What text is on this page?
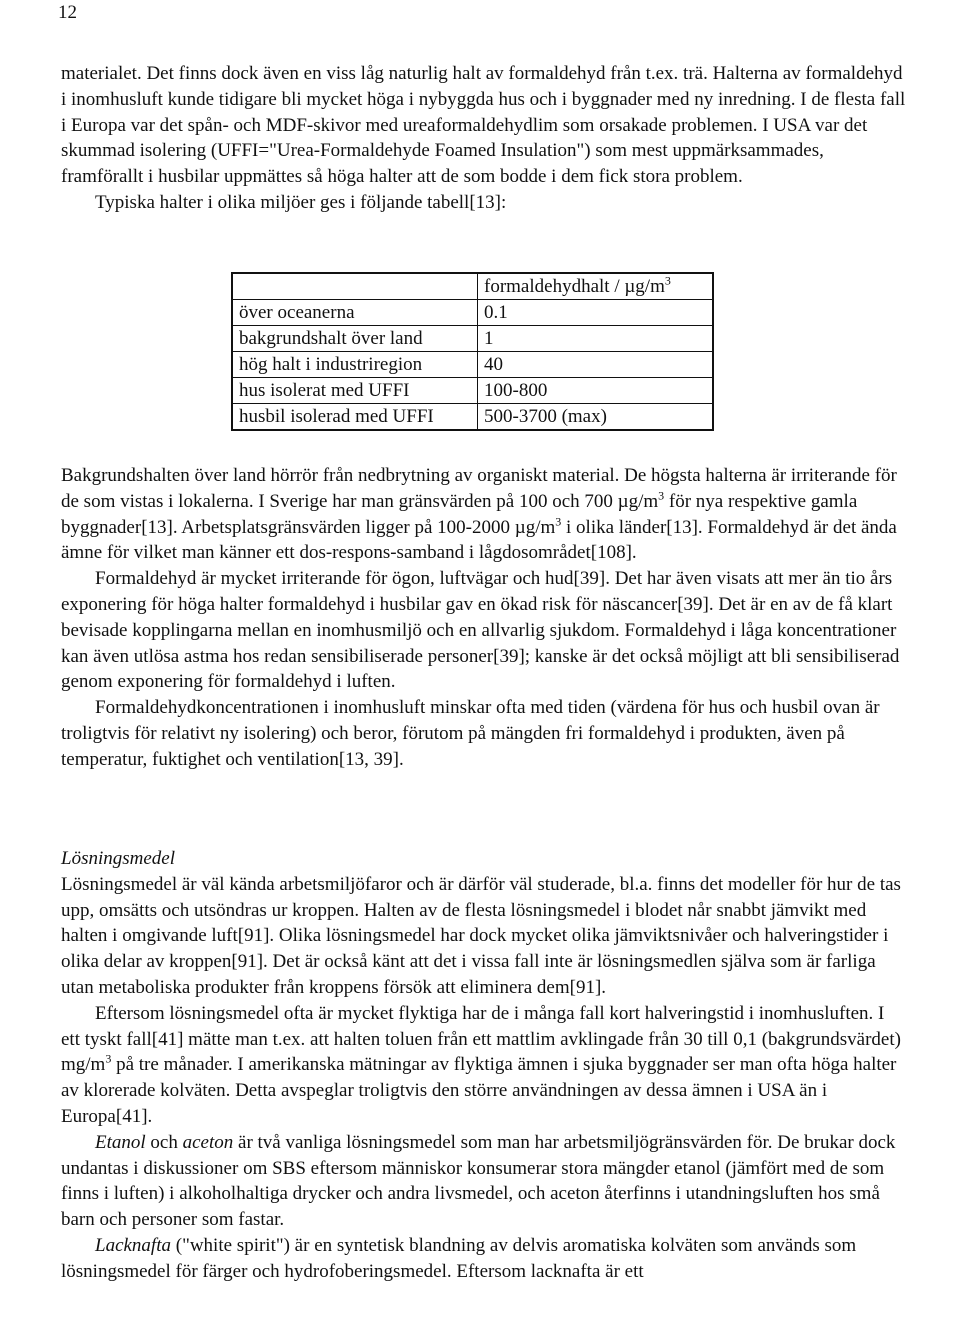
12

materialet. Det finns dock även en viss låg naturlig halt av formaldehyd från t.ex. trä. Halterna av formaldehyd i inomhusluft kunde tidigare bli mycket höga i nybyggda hus och i byggnader med ny inredning. I de flesta fall i Europa var det spån- och MDF-skivor med ureaformaldehydlim som orsakade problemen. I USA var det skummad isolering (UFFI="Urea-Formaldehyde Foamed Insulation") som mest uppmärksammades, framförallt i husbilar uppmättes så höga halter att de som bodde i dem fick stora problem.

Typiska halter i olika miljöer ges i följande tabell[13]:

	formaldehydhalt / $\mu g/m^3$
över oceanerna	0.1
bakgrundshalt över land	1
hög halt i industriregion	40
hus isolerat med UFFI	100-800
husbil isolerad med UFFI	500-3700 (max)

Bakgrundshalten över land hörrör från nedbrytning av organiskt material. De högsta halterna är irriterande för de som vistas i lokalerna. I Sverige har man gränsvärden på 100 och 700 $\mu g/m^3$ för nya respektive gamla byggnader[13]. Arbetsplatsgränsvärden ligger på 100-2000 $\mu g/m^3$ i olika länder[13]. Formaldehyd är det ända ämne för vilket man känner ett dos-respons-samband i lågdosområdet[108].

Formaldehyd är mycket irriterande för ögon, luftvägar och hud[39]. Det har även visats att mer än tio års exponering för höga halter formaldehyd i husbilar gav en ökad risk för näscancer[39]. Det är en av de få klart bevisade kopplingarna mellan en inomhusmiljö och en allvarlig sjukdom. Formaldehyd i låga koncentrationer kan även utlösa astma hos redan sensibiliserade personer[39]; kanske är det också möjligt att bli sensibiliserad genom exponering för formaldehyd i luften.

Formaldehydkoncentrationen i inomhusluft minskar ofta med tiden (värdena för hus och husbil ovan är troligtvis för relativt ny isolering) och beror, förutom på mängden fri formaldehyd i produkten, även på temperatur, fuktighet och ventilation[13, 39].

Lösningsmedel

Lösningsmedel är väl kända arbetsmiljöfaror och är därför väl studerade, bl.a. finns det modeller för hur de tas upp, omsätts och utsöndras ur kroppen. Halten av de flesta lösningsmedel i blodet når snabbt jämvikt med halten i omgivande luft[91]. Olika lösningsmedel har dock mycket olika jämviktsnivåer och halveringstider i olika delar av kroppen[91]. Det är också känt att det i vissa fall inte är lösningsmedlen själva som är farliga utan metaboliska produkter från kroppens försök att eliminera dem[91].

Eftersom lösningsmedel ofta är mycket flyktiga har de i många fall kort halveringstid i inomhusluften. I ett tyskt fall[41] mätte man t.ex. att halten toluen från ett mattlim avklingade från 30 till 0,1 (bakgrundsvärdet) $mg/m^3$ på tre månader. I amerikanska mätningar av flyktiga ämnen i sjuka byggnader ser man ofta höga halter av klorerade kolväten. Detta avspeglar troligtvis den större användningen av dessa ämnen i USA än i Europa[41].

Etanol och aceton är två vanliga lösningsmedel som man har arbetsmiljögränsvärden för. De brukar dock undantas i diskussioner om SBS eftersom människor konsumerar stora mängder etanol (jämfört med de som finns i luften) i alkoholhaltiga drycker och andra livsmedel, och aceton återfinns i utandningsluften hos små barn och personer som fastar.

Lacknafta ("white spirit") är en syntetisk blandning av delvis aromatiska kolväten som används som lösningsmedel för färger och hydrofoberingsmedel. Eftersom lacknafta är ett
